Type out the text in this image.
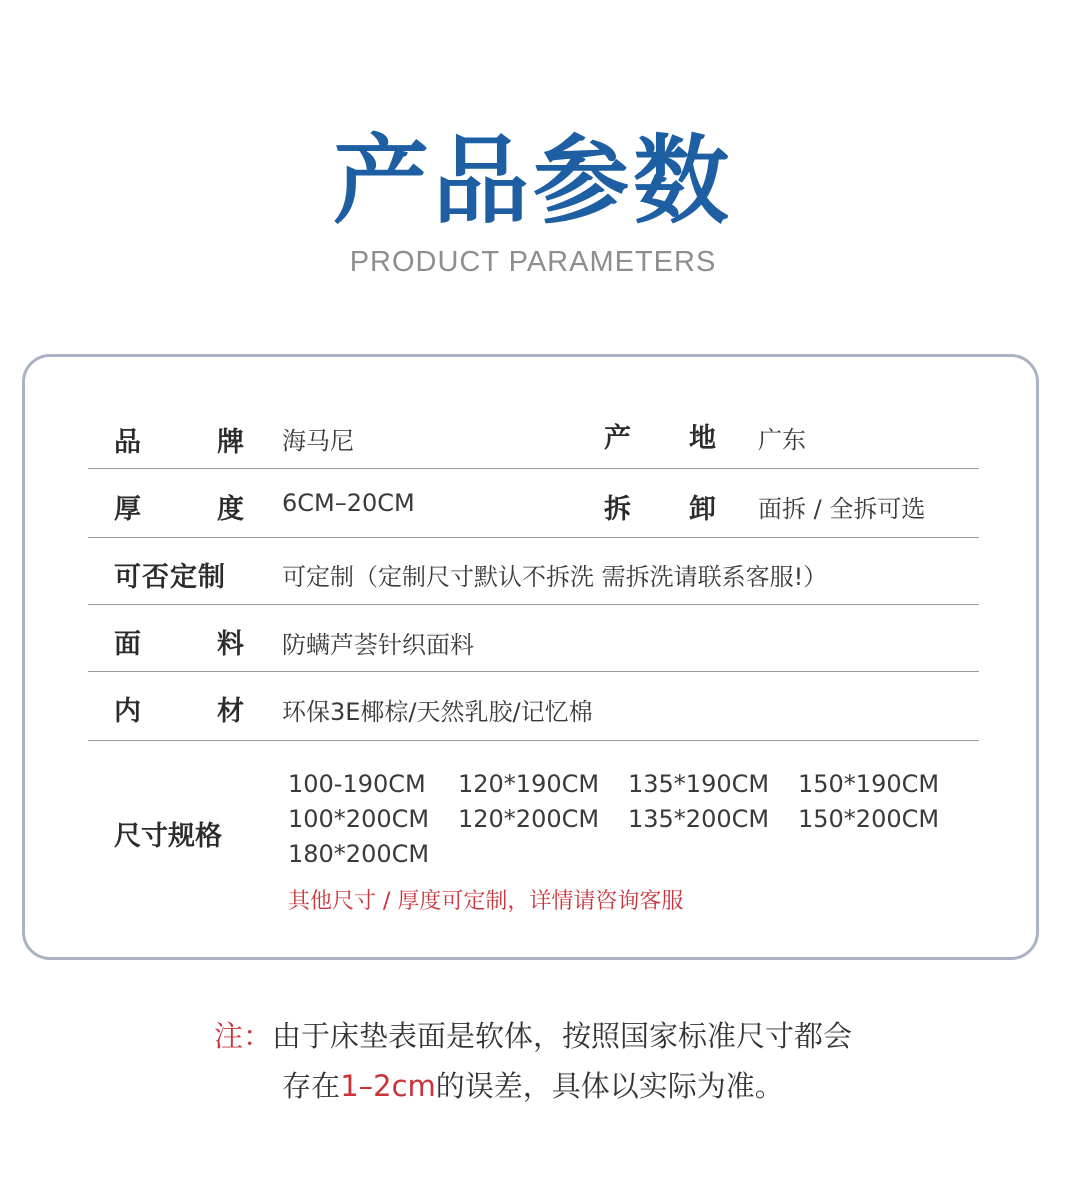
产品参数
PRODUCT PARAMETERS
品	牌 海马尼	产 地 广东
厚	度 6CM–20CM	拆 卸 面拆 / 全拆可选
可否定制	可定制（定制尺寸默认不拆洗 需拆洗请联系客服!）
面	料 防螨芦荟针织面料
内	材 环保3E椰棕/天然乳胶/记忆棉
尺寸规格
100-190CM	120*190CM	135*190CM	150*190CM
100*200CM	120*200CM	135*200CM	150*200CM
180*200CM
其他尺寸 / 厚度可定制，详情请咨询客服
注：由于床垫表面是软体，按照国家标准尺寸都会
存在1–2cm的误差，具体以实际为准。
